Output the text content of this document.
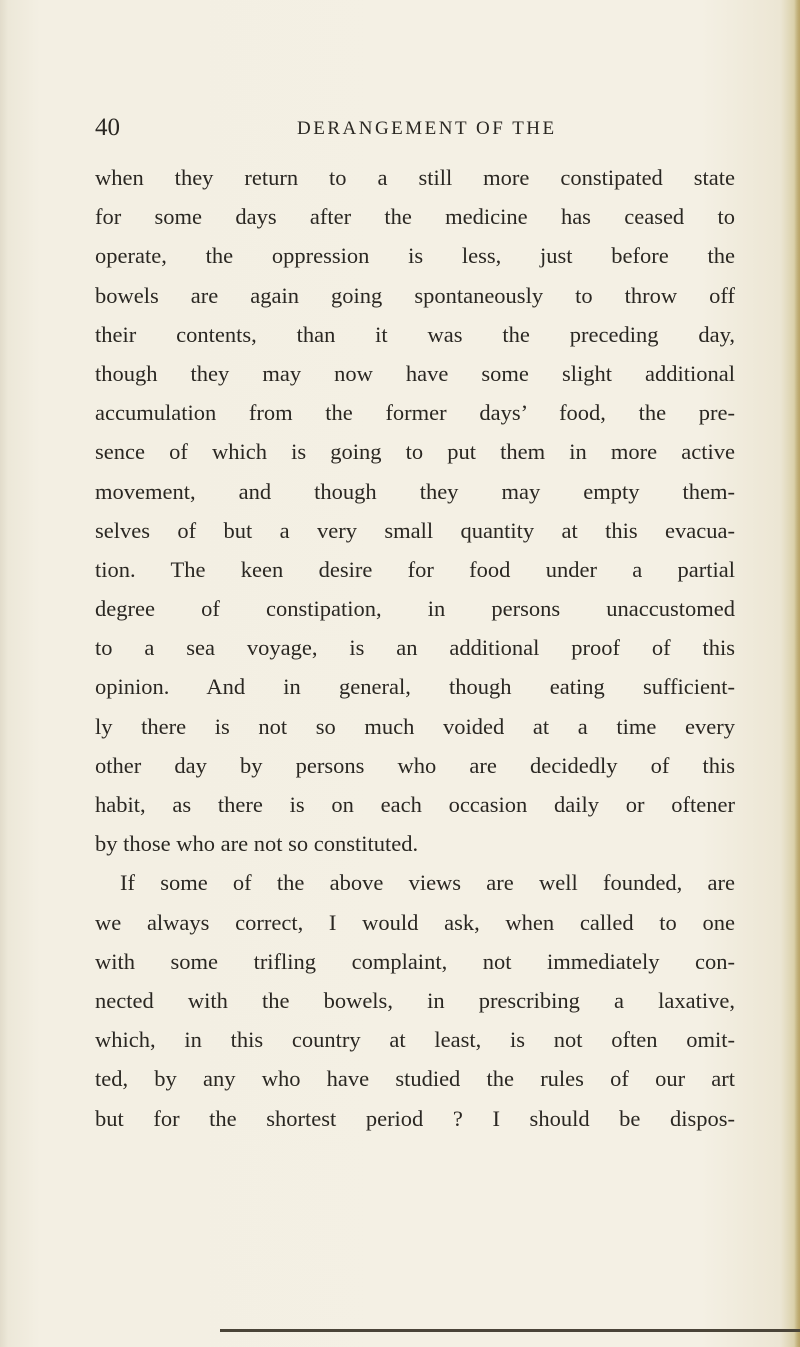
40	DERANGEMENT OF THE
when they return to a still more constipated state
for some days after the medicine has ceased to
operate, the oppression is less, just before the
bowels are again going spontaneously to throw off
their contents, than it was the preceding day,
though they may now have some slight additional
accumulation from the former days’ food, the pre-
sence of which is going to put them in more active
movement, and though they may empty them-
selves of but a very small quantity at this evacua-
tion. The keen desire for food under a partial
degree of constipation, in persons unaccustomed
to a sea voyage, is an additional proof of this
opinion. And in general, though eating sufficient-
ly there is not so much voided at a time every
other day by persons who are decidedly of this
habit, as there is on each occasion daily or oftener
by those who are not so constituted.
If some of the above views are well founded, are
we always correct, I would ask, when called to one
with some trifling complaint, not immediately con-
nected with the bowels, in prescribing a laxative,
which, in this country at least, is not often omit-
ted, by any who have studied the rules of our art
but for the shortest period ? I should be dispos-
